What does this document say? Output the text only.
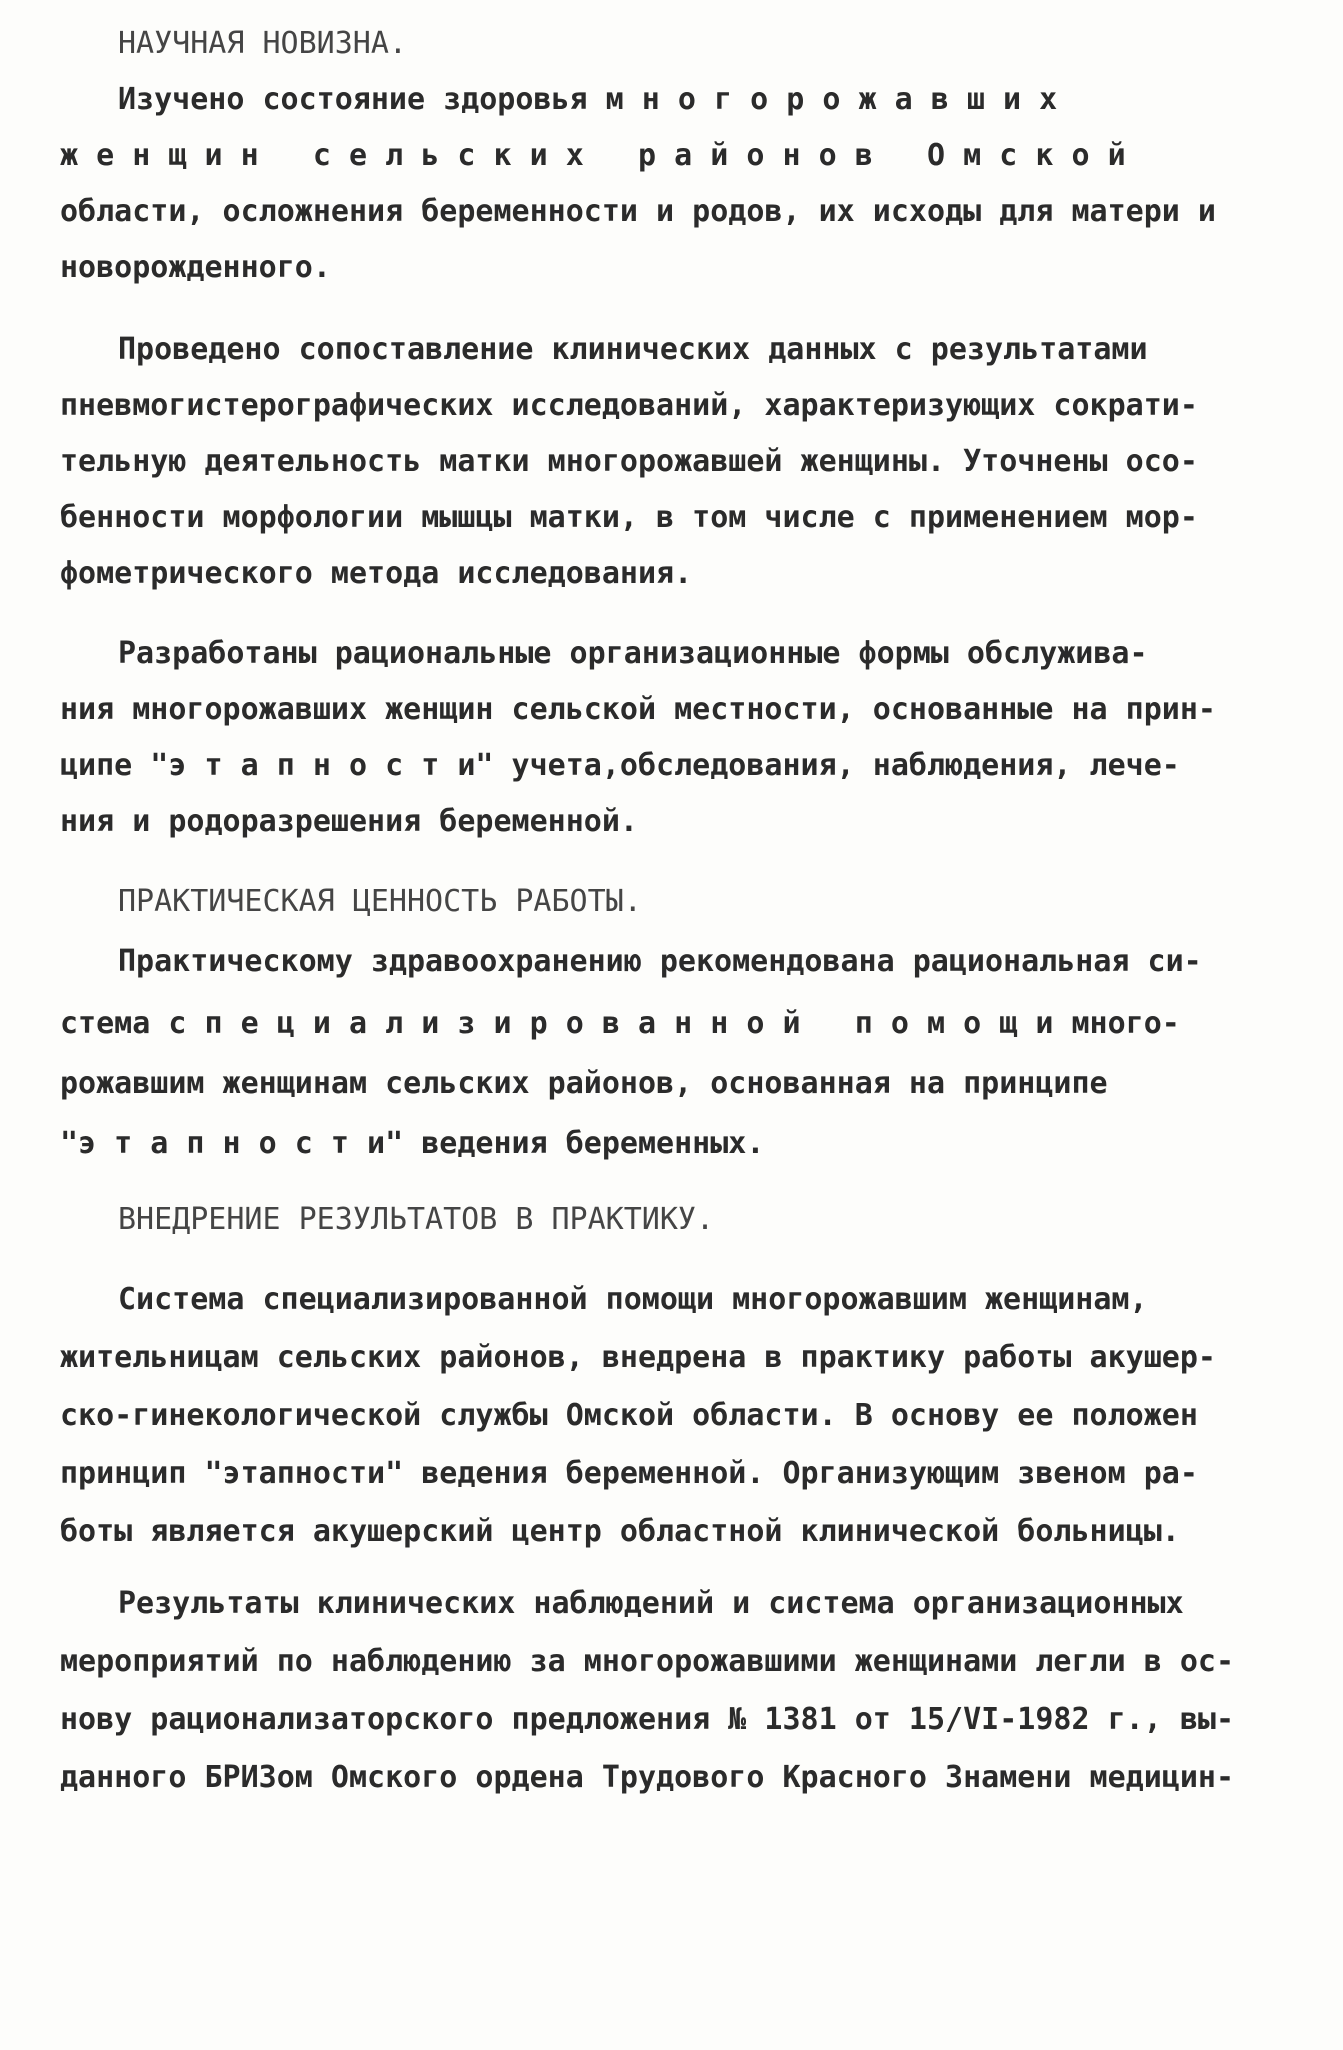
НАУЧНАЯ НОВИЗНА.
Изучено состояние здоровья м н о г о р о ж а в ш и х
ж е н щ и н   с е л ь с к и х   р а й о н о в   О м с к о й
области, осложнения беременности и родов, их исходы для матери и
новорожденного.
Проведено сопоставление клинических данных с результатами
пневмогистерографических исследований, характеризующих сократи-
тельную деятельность матки многорожавшей женщины. Уточнены осо-
бенности морфологии мышцы матки, в том числе с применением мор-
фометрического метода исследования.
Разработаны рациональные организационные формы обслужива-
ния многорожавших женщин сельской местности, основанные на прин-
ципе "э т а п н о с т и" учета,обследования, наблюдения, лече-
ния и родоразрешения беременной.
ПРАКТИЧЕСКАЯ ЦЕННОСТЬ РАБОТЫ.
Практическому здравоохранению рекомендована рациональная си-
стема с п е ц и а л и з и р о в а н н о й   п о м о щ и многo-
рожавшим женщинам сельских районов, основанная на принципе
"э т а п н о с т и" ведения беременных.
ВНЕДРЕНИЕ РЕЗУЛЬТАТОВ В ПРАКТИКУ.
Система специализированной помощи многорожавшим женщинам,
жительницам сельских районов, внедрена в практику работы акушер-
ско-гинекологической службы Омской области. В основу ее положен
принцип "этапности" ведения беременной. Организующим звеном ра-
боты является акушерский центр областной клинической больницы.
Результаты клинических наблюдений и система организационных
мероприятий по наблюдению за многорожавшими женщинами легли в ос-
нову рационализаторского предложения № 1381 от 15/VI-1982 г., вы-
данного БРИЗом Омского ордена Трудового Красного Знамени медицин-
